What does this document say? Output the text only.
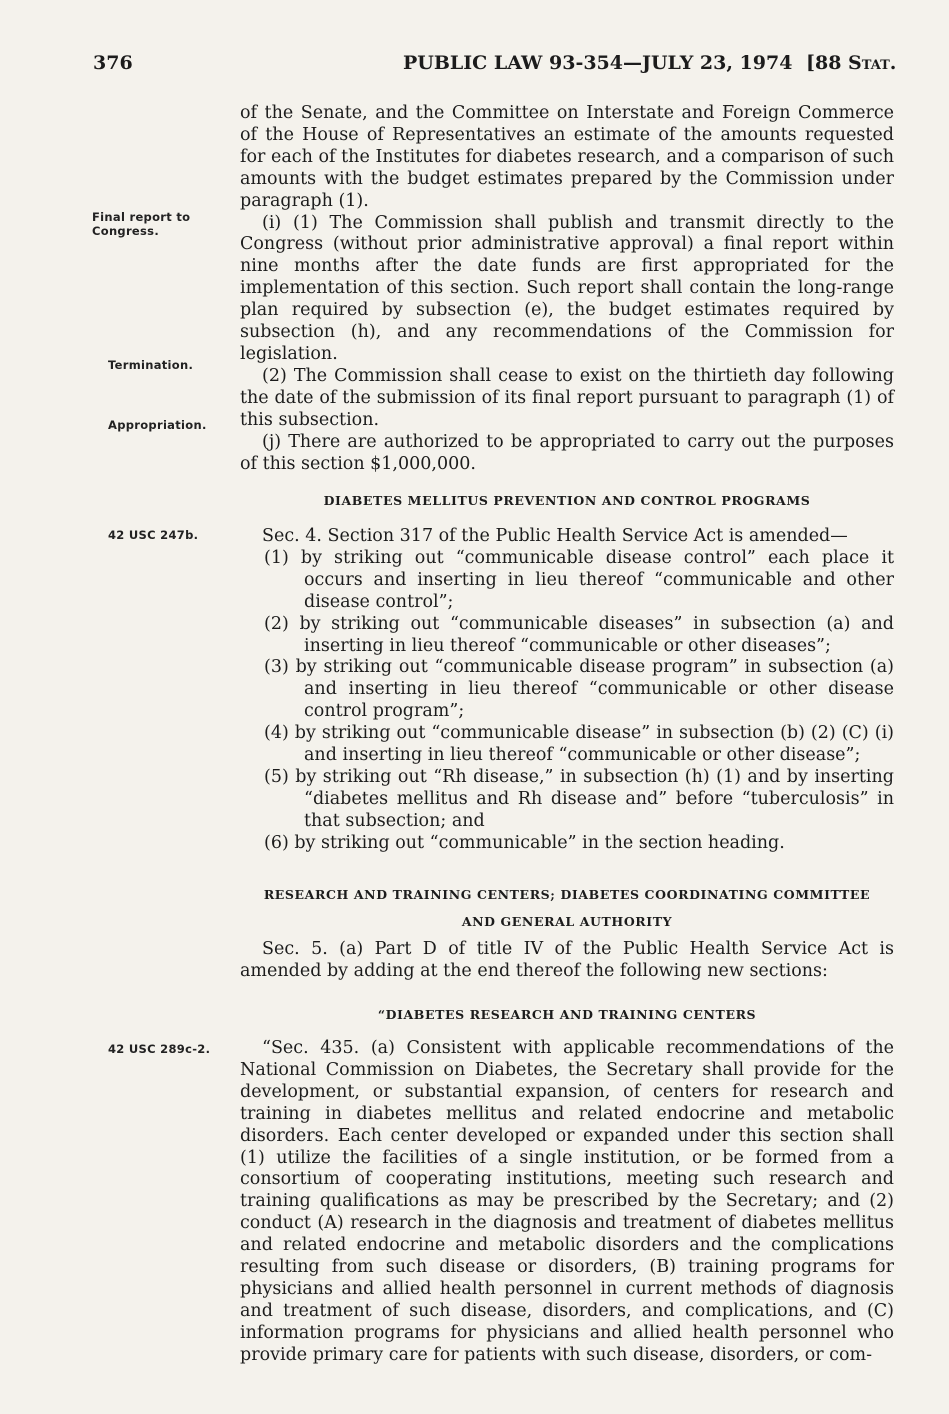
376	PUBLIC LAW 93-354—JULY 23, 1974 [88 Stat.
Final report to Congress.
Termination.
Appropriation.
42 USC 247b.
42 USC 289c-2.

of the Senate, and the Committee on Interstate and Foreign Commerce of the House of Representatives an estimate of the amounts requested for each of the Institutes for diabetes research, and a comparison of such amounts with the budget estimates prepared by the Commission under paragraph (1).

(i) (1) The Commission shall publish and transmit directly to the Congress (without prior administrative approval) a final report within nine months after the date funds are first appropriated for the implementation of this section. Such report shall contain the long-range plan required by subsection (e), the budget estimates required by subsection (h), and any recommendations of the Commission for legislation.

(2) The Commission shall cease to exist on the thirtieth day following the date of the submission of its final report pursuant to paragraph (1) of this subsection.

(j) There are authorized to be appropriated to carry out the purposes of this section $1,000,000.

DIABETES MELLITUS PREVENTION AND CONTROL PROGRAMS

Sec. 4. Section 317 of the Public Health Service Act is amended—

(1) by striking out “communicable disease control” each place it occurs and inserting in lieu thereof “communicable and other disease control”;

(2) by striking out “communicable diseases” in subsection (a) and inserting in lieu thereof “communicable or other diseases”;

(3) by striking out “communicable disease program” in subsection (a) and inserting in lieu thereof “communicable or other disease control program”;

(4) by striking out “communicable disease” in subsection (b) (2) (C) (i) and inserting in lieu thereof “communicable or other disease”;

(5) by striking out “Rh disease,” in subsection (h) (1) and by inserting “diabetes mellitus and Rh disease and” before “tuberculosis” in that subsection; and

(6) by striking out “communicable” in the section heading.

RESEARCH AND TRAINING CENTERS; DIABETES COORDINATING COMMITTEE

AND GENERAL AUTHORITY

Sec. 5. (a) Part D of title IV of the Public Health Service Act is amended by adding at the end thereof the following new sections:

“DIABETES RESEARCH AND TRAINING CENTERS

“Sec. 435. (a) Consistent with applicable recommendations of the National Commission on Diabetes, the Secretary shall provide for the development, or substantial expansion, of centers for research and training in diabetes mellitus and related endocrine and metabolic disorders. Each center developed or expanded under this section shall (1) utilize the facilities of a single institution, or be formed from a consortium of cooperating institutions, meeting such research and training qualifications as may be prescribed by the Secretary; and (2) conduct (A) research in the diagnosis and treatment of diabetes mellitus and related endocrine and metabolic disorders and the complications resulting from such disease or disorders, (B) training programs for physicians and allied health personnel in current methods of diagnosis and treatment of such disease, disorders, and complications, and (C) information programs for physicians and allied health personnel who provide primary care for patients with such disease, disorders, or com-
